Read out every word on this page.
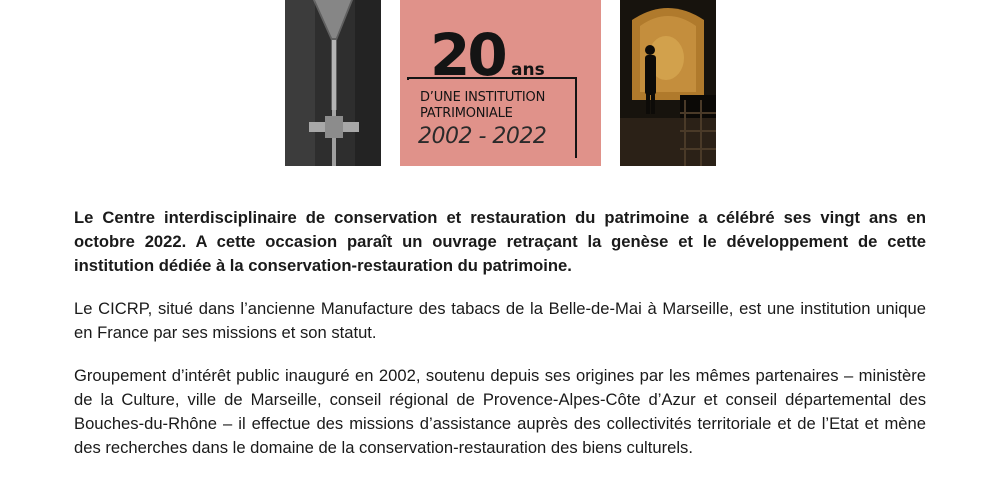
20 ans
D’UNE INSTITUTION
PATRIMONIALE
2002 - 2022

Le Centre interdisciplinaire de conservation et restauration du patrimoine a célébré ses vingt ans en octobre 2022. A cette occasion paraît un ouvrage retraçant la genèse et le développement de cette institution dédiée à la conservation-restauration du patrimoine.

Le CICRP, situé dans l’ancienne Manufacture des tabacs de la Belle-de-Mai à Marseille, est une institution unique en France par ses missions et son statut.

Groupement d’intérêt public inauguré en 2002, soutenu depuis ses origines par les mêmes partenaires – ministère de la Culture, ville de Marseille, conseil régional de Provence-Alpes-Côte d’Azur et conseil départemental des Bouches-du-Rhône – il effectue des missions d’assistance auprès des collectivités territoriale et de l’Etat et mène des recherches dans le domaine de la conservation-restauration des biens culturels.
